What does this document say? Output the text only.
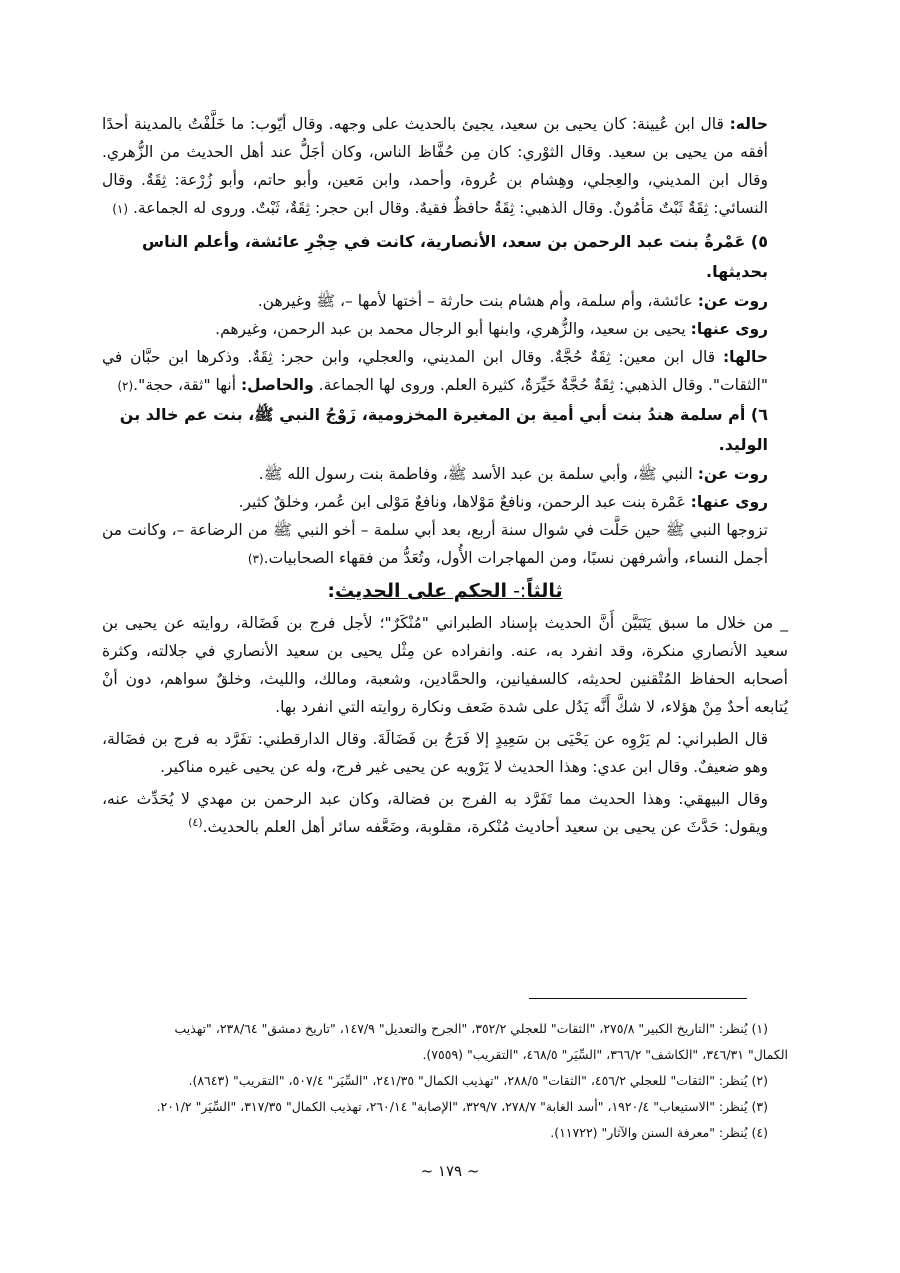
حاله: قال ابن عُيينة: كان يحيى بن سعيد، يجيئ بالحديث على وجهه. وقال أيّوب: ما خَلَّفْتُ بالمدينة أحدًا أفقه من يحيى بن سعيد. وقال الثوْري: كان مِن حُفَّاظ الناس، وكان أجَلُّ عند أهل الحديث من الزُّهري. وقال ابن المديني، والعِجلي، وهِشام بن عُروة، وأحمد، وابن مَعين، وأبو حاتم، وأبو زُرْعة: ثِقَةٌ. وقال النسائي: ثِقَةٌ ثَبْتٌ مَأمُونٌ. وقال الذهبي: ثِقَةٌ حافظٌ فقيهٌ. وقال ابن حجر: ثِقَةٌ، ثَبْتٌ. وروى له الجماعة. (١)

٥) عَمْرةُ بنت عبد الرحمن بن سعد، الأنصارية، كانت في حِجْرِ عائشة، وأعلم الناس بحديثها.

روت عن: عائشة، وأم سلمة، وأم هشام بنت حارثة – أختها لأمها –، ﷺ وغيرهن.

روى عنها: يحيى بن سعيد، والزُّهري، وابنها أبو الرجال محمد بن عبد الرحمن، وغيرهم.

حالها: قال ابن معين: ثِقَةٌ حُجَّةٌ. وقال ابن المديني، والعجلي، وابن حجر: ثِقَةٌ. وذكرها ابن حبَّان في "الثقات". وقال الذهبي: ثِقَةٌ حُجَّةٌ خَيِّرَةٌ، كثيرة العلم. وروى لها الجماعة. والحاصل: أنها "ثقة، حجة".(٢)

٦) أم سلمة هندُ بنت أبي أمية بن المغيرة المخزومية، زَوْجُ النبي ﷺ، بنت عم خالد بن الوليد.

روت عن: النبي ﷺ، وأبي سلمة بن عبد الأسد ﷺ، وفاطمة بنت رسول الله ﷺ.

روى عنها: عَمْرة بنت عبد الرحمن، ونافعٌ مَوْلاها، ونافعٌ مَوْلى ابن عُمر، وخلقٌ كثير.

تزوجها النبي ﷺ حين حَلَّت في شوال سنة أربع، بعد أبي سلمة – أخو النبي ﷺ من الرضاعة –، وكانت من أجمل النساء، وأشرفهن نسبًا، ومن المهاجرات الأُول، وتُعَدُّ من فقهاء الصحابيات.(٣)

ثالثاً:- الحكم على الحديث:

_ من خلال ما سبق يَتَبَيَّن أَنَّ الحديث بإسناد الطبراني "مُنْكَرٌ"؛ لأجل فرج بن فَضَالة، روايته عن يحيى بن سعيد الأنصاري منكرة، وقد انفرد به، عنه. وانفراده عن مِثْل يحيى بن سعيد الأنصاري في جلالته، وكثرة أصحابه الحفاظ المُتْقنين لحديثه، كالسفيانين، والحمَّادين، وشعبة، ومالك، والليث، وخلقٌ سواهم، دون أنْ يُتابعه أحدٌ مِنْ هؤلاء، لا شكَّ أَنَّه يَدُل على شدة ضَعف ونكارة روايته التي انفرد بها.

قال الطبراني: لم يَرْوِه عن يَحْيَى بن سَعِيدٍ إلا فَرَجُ بن فَضَالَةَ. وقال الدارقطني: تفَرَّد به فرج بن فضَالة، وهو ضعيفٌ. وقال ابن عدي: وهذا الحديث لا يَرْويه عن يحيى غير فرج، وله عن يحيى غيره مناكير.

وقال البيهقي: وهذا الحديث مما تَفَرَّد به الفرج بن فضالة، وكان عبد الرحمن بن مهدي لا يُحَدِّث عنه، ويقول: حَدَّثَ عن يحيى بن سعيد أحاديث مُنْكرة، مقلوبة، وضَعَّفه سائر أهل العلم بالحديث.$^{(٤)}$

(١) يُنظر: "التاريخ الكبير" ٢٧٥/٨، "الثقات" للعجلي ٣٥٢/٢، "الجرح والتعديل" ١٤٧/٩، "تاريخ دمشق" ٢٣٨/٦٤، "تهذيب

الكمال" ٣٤٦/٣١، "الكاشف" ٣٦٦/٢، "السِّيَر" ٤٦٨/٥، "التقريب" (٧٥٥٩).

(٢) يُنظر: "الثقات" للعجلي ٤٥٦/٢، "الثقات" ٢٨٨/٥، "تهذيب الكمال" ٢٤١/٣٥، "السِّيَر" ٥٠٧/٤، "التقريب" (٨٦٤٣).

(٣) يُنظر: "الاستيعاب" ١٩٢٠/٤، "أسد الغابة" ٢٧٨/٧، ٣٢٩/٧، "الإصابة" ٢٦٠/١٤، تهذيب الكمال" ٣١٧/٣٥، "السِّيَر" ٢٠١/٢.

(٤) يُنظر: "معرفة السنن والآثار" (١١٧٢٢).

~ ١٧٩ ~
